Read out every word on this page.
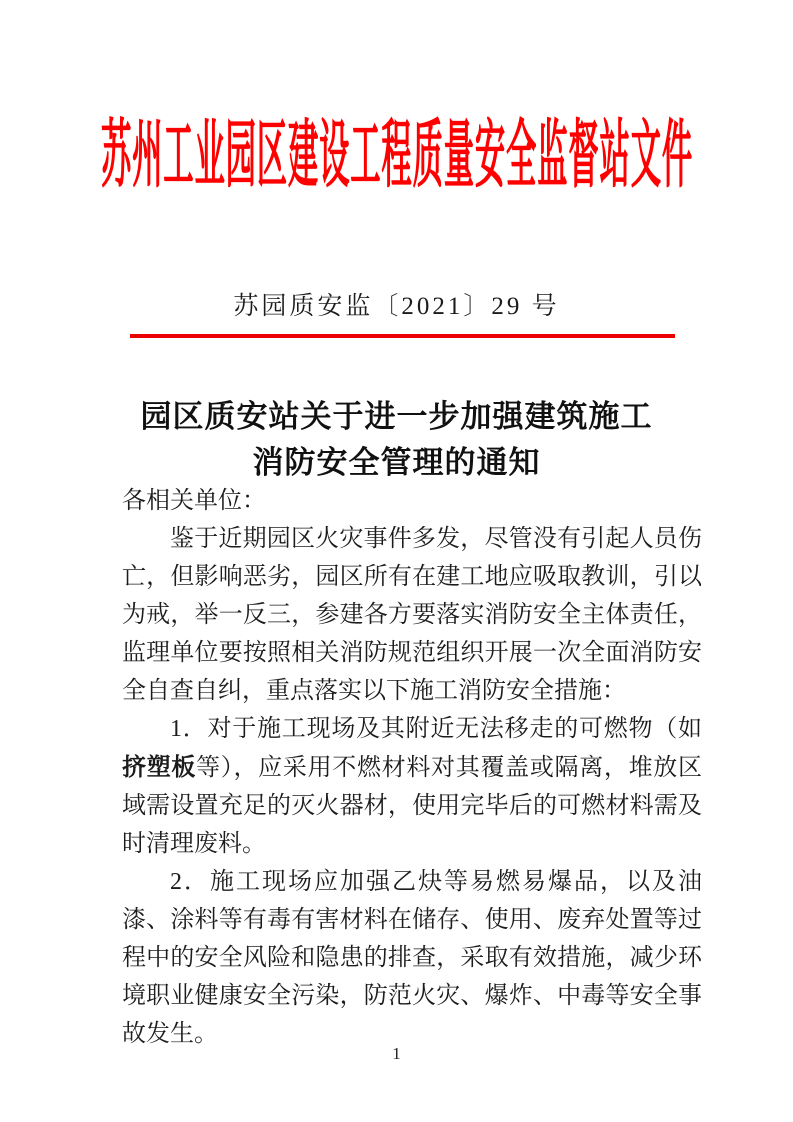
苏州工业园区建设工程质量安全监督站文件
苏园质安监〔2021〕29 号
园区质安站关于进一步加强建筑施工
消防安全管理的通知

各相关单位：

鉴于近期园区火灾事件多发，尽管没有引起人员伤亡，但影响恶劣，园区所有在建工地应吸取教训，引以为戒，举一反三，参建各方要落实消防安全主体责任，监理单位要按照相关消防规范组织开展一次全面消防安全自查自纠，重点落实以下施工消防安全措施：

1．对于施工现场及其附近无法移走的可燃物（如挤塑板等），应采用不燃材料对其覆盖或隔离，堆放区域需设置充足的灭火器材，使用完毕后的可燃材料需及时清理废料。

2．施工现场应加强乙炔等易燃易爆品，以及油漆、涂料等有毒有害材料在储存、使用、废弃处置等过程中的安全风险和隐患的排查，采取有效措施，减少环境职业健康安全污染，防范火灾、爆炸、中毒等安全事故发生。

1
